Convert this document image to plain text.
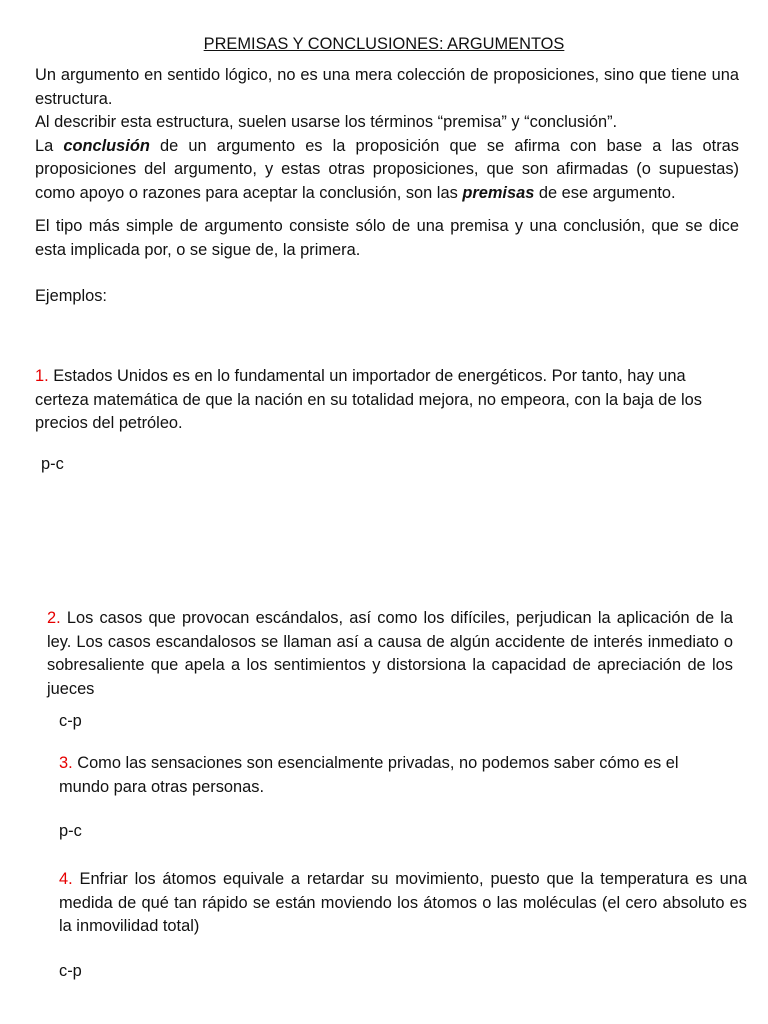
PREMISAS Y CONCLUSIONES: ARGUMENTOS

Un argumento en sentido lógico, no es una mera colección de proposiciones, sino que tiene una estructura.

Al describir esta estructura, suelen usarse los términos “premisa” y “conclusión”.

La conclusión de un argumento es la proposición que se afirma con base a las otras proposiciones del argumento, y estas otras proposiciones, que son afirmadas (o supuestas) como apoyo o razones para aceptar la conclusión, son las premisas de ese argumento.

El tipo más simple de argumento consiste sólo de una premisa y una conclusión, que se dice esta implicada por, o se sigue de, la primera.

Ejemplos:

1. Estados Unidos es en lo fundamental un importador de energéticos. Por tanto, hay una certeza matemática de que la nación en su totalidad mejora, no empeora, con la baja de los precios del petróleo.

p-c

2. Los casos que provocan escándalos, así como los difíciles, perjudican la aplicación de la ley. Los casos escandalosos se llaman así a causa de algún accidente de interés inmediato o sobresaliente que apela a los sentimientos y distorsiona la capacidad de apreciación de los jueces

c-p

3. Como las sensaciones son esencialmente privadas, no podemos saber cómo es el mundo para otras personas.

p-c

4. Enfriar los átomos equivale a retardar su movimiento, puesto que la temperatura es una medida de qué tan rápido se están moviendo los átomos o las moléculas (el cero absoluto es la inmovilidad total)

c-p
